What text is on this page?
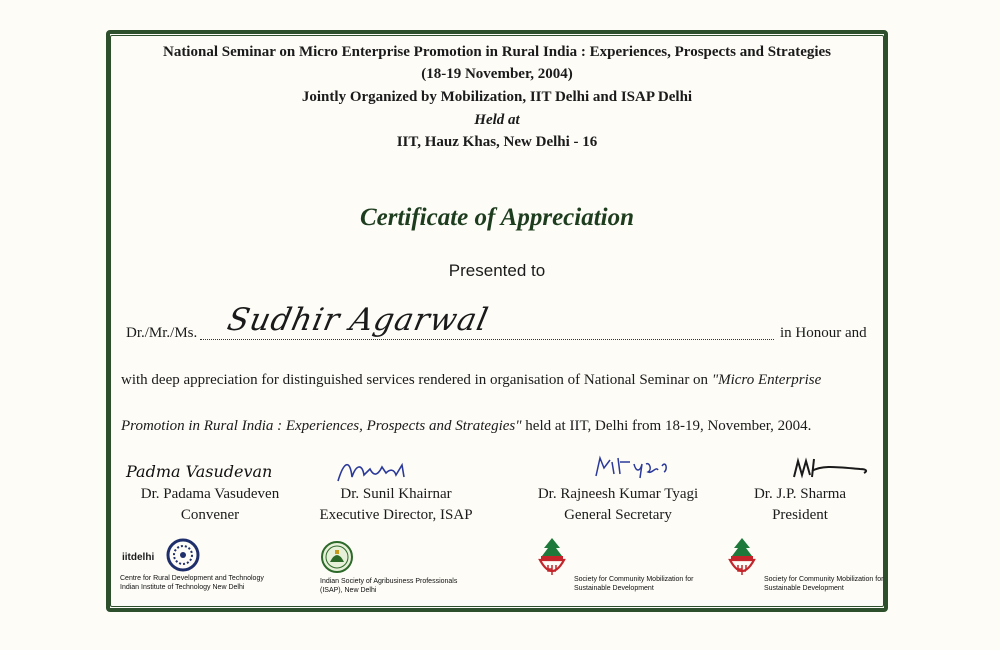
National Seminar on Micro Enterprise Promotion in Rural India : Experiences, Prospects and Strategies
(18-19 November, 2004)
Jointly Organized by Mobilization, IIT Delhi and ISAP Delhi
Held at
IIT, Hauz Khas, New Delhi - 16
Certificate of Appreciation
Presented to
Dr./Mr./Ms. Sudhir Agarwal	in Honour and
with deep appreciation for distinguished services rendered in organisation of National Seminar on "Micro Enterprise
Promotion in Rural India : Experiences, Prospects and Strategies" held at IIT, Delhi from 18-19, November, 2004.
Padma Vasudevan
Dr. Padama Vasudeven
Convener
Dr. Sunil Khairnar
Executive Director, ISAP
Dr. Rajneesh Kumar Tyagi
General Secretary
Dr. J.P. Sharma
President
iitdelhi
Centre for Rural Development and Technology
Indian Institute of Technology New Delhi
Indian Society of Agribusiness Professionals
(ISAP), New Delhi
Society for Community Mobilization for
Sustainable Development
Society for Community Mobilization for
Sustainable Development
